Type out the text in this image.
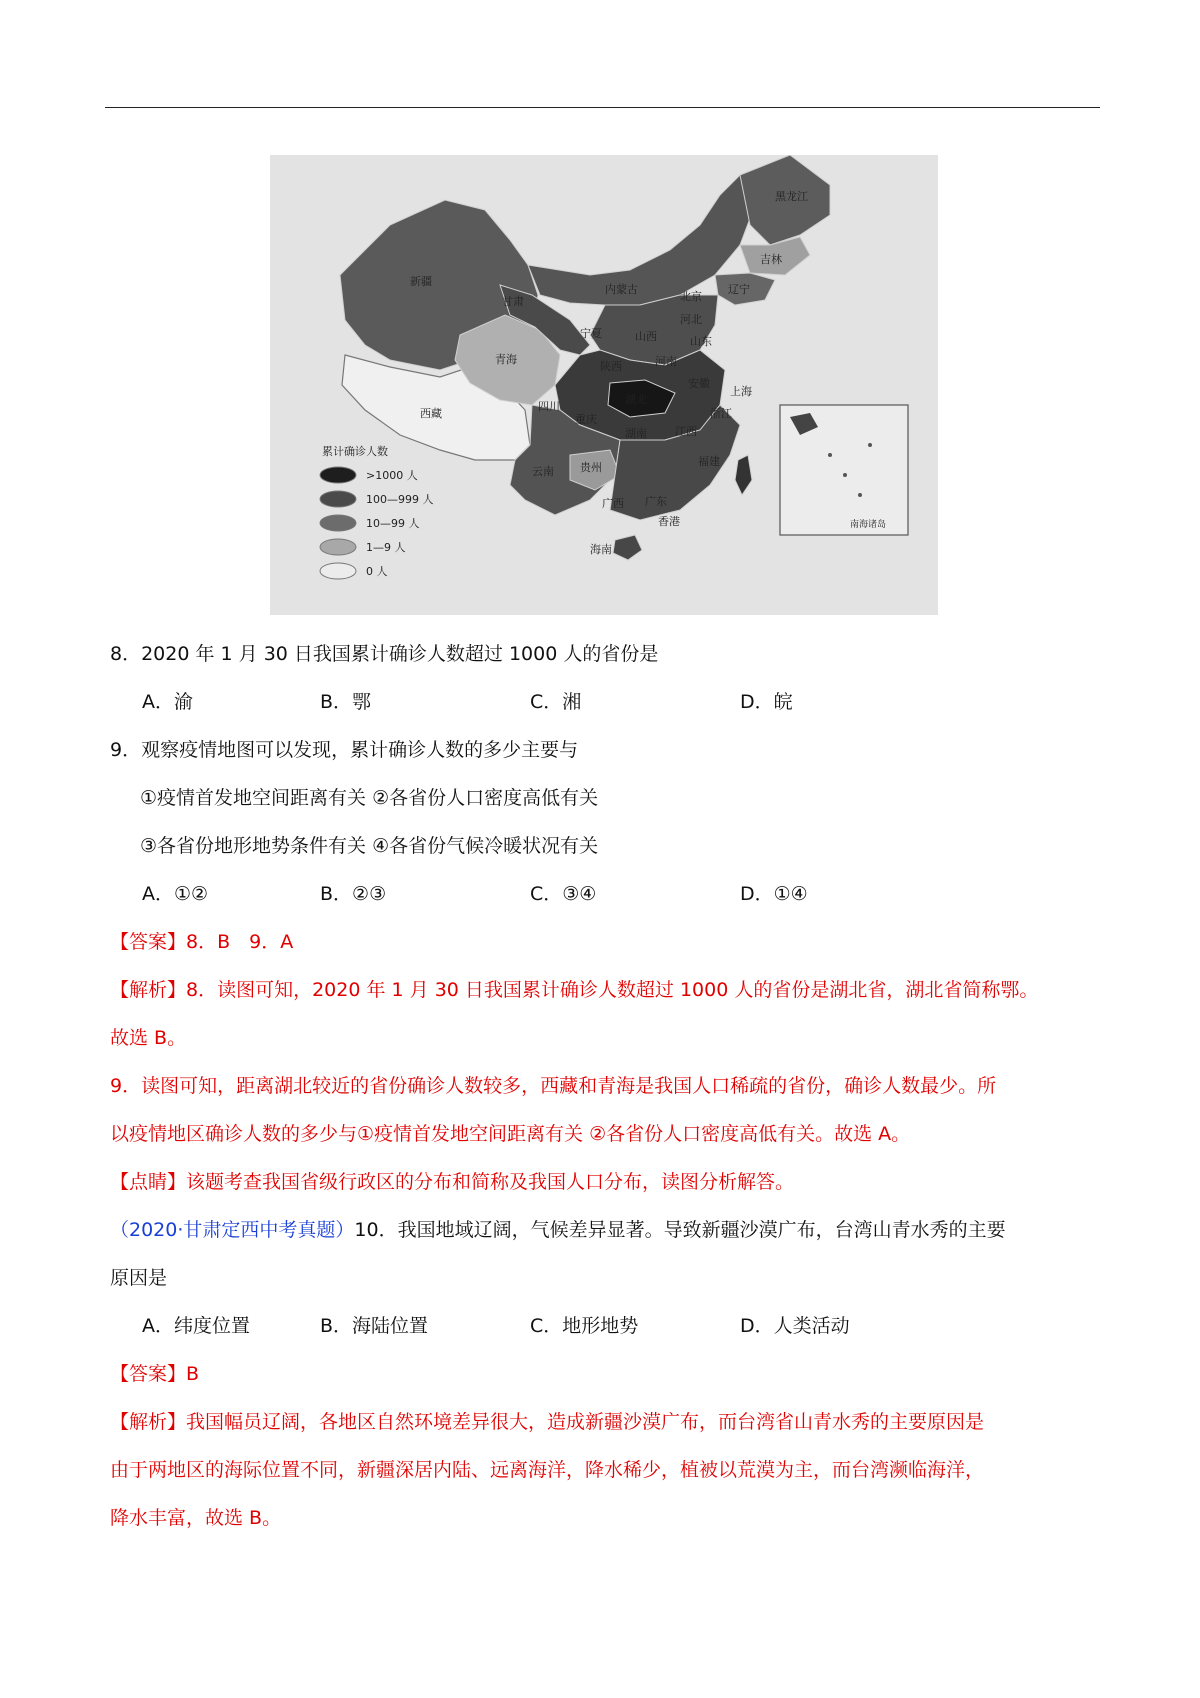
新疆
西藏
青海
甘肃
内蒙古
黑龙江
吉林
辽宁
北京
河北
山西
宁夏
陕西	河南
山东
四川
湖北
重庆
贵州
湖南	江西
安徽
浙江
上海
云南
广西 广东
福建
海南
香港	南海诸岛
累计确诊人数
>1000 人
100—999 人
10—99 人
1—9 人
0 人
8．2020 年 1 月 30 日我国累计确诊人数超过 1000 人的省份是
A．渝	B．鄂	C．湘	D．皖
9．观察疫情地图可以发现，累计确诊人数的多少主要与
①疫情首发地空间距离有关 ②各省份人口密度高低有关
③各省份地形地势条件有关 ④各省份气候冷暖状况有关
A．①②	B．②③	C．③④	D．①④
【答案】8．B　9．A
【解析】8．读图可知，2020 年 1 月 30 日我国累计确诊人数超过 1000 人的省份是湖北省，湖北省简称鄂。
故选 B。
9．读图可知，距离湖北较近的省份确诊人数较多，西藏和青海是我国人口稀疏的省份，确诊人数最少。所
以疫情地区确诊人数的多少与①疫情首发地空间距离有关 ②各省份人口密度高低有关。故选 A。
【点睛】该题考查我国省级行政区的分布和简称及我国人口分布，读图分析解答。
（2020·甘肃定西中考真题）10．我国地域辽阔，气候差异显著。导致新疆沙漠广布，台湾山青水秀的主要
原因是
A．纬度位置	B．海陆位置	C．地形地势	D．人类活动
【答案】B
【解析】我国幅员辽阔，各地区自然环境差异很大，造成新疆沙漠广布，而台湾省山青水秀的主要原因是
由于两地区的海际位置不同，新疆深居内陆、远离海洋，降水稀少，植被以荒漠为主，而台湾濒临海洋，
降水丰富，故选 B。
